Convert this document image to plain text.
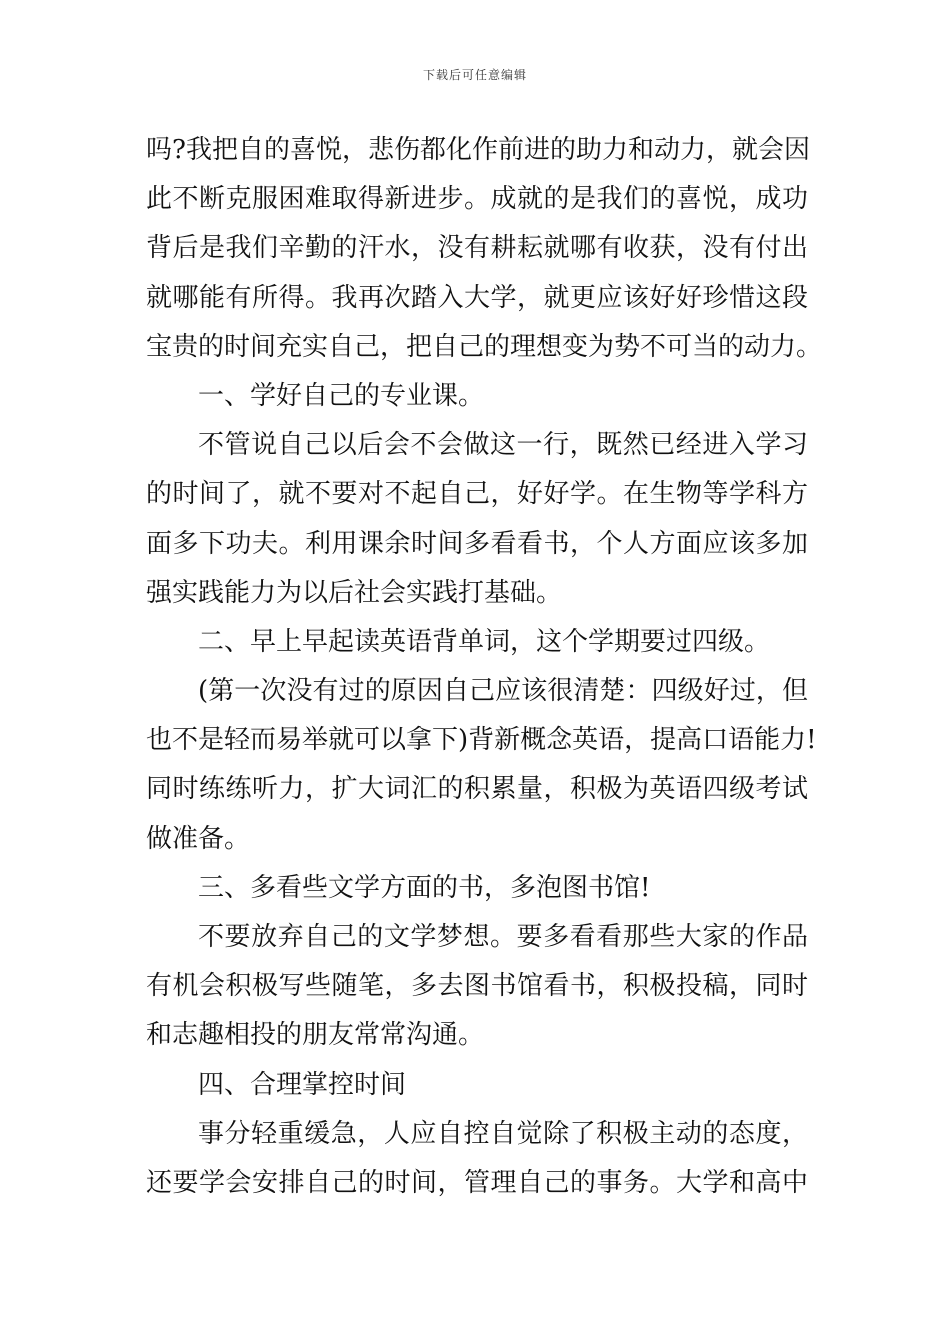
下载后可任意编辑
吗?我把自的喜悦，悲伤都化作前进的助力和动力，就会因
此不断克服困难取得新进步。成就的是我们的喜悦，成功
背后是我们辛勤的汗水，没有耕耘就哪有收获，没有付出
就哪能有所得。我再次踏入大学，就更应该好好珍惜这段
宝贵的时间充实自己，把自己的理想变为势不可当的动力。
一、学好自己的专业课。
不管说自己以后会不会做这一行，既然已经进入学习
的时间了，就不要对不起自己，好好学。在生物等学科方
面多下功夫。利用课余时间多看看书，个人方面应该多加
强实践能力为以后社会实践打基础。
二、早上早起读英语背单词，这个学期要过四级。
(第一次没有过的原因自己应该很清楚：四级好过，但
也不是轻而易举就可以拿下)背新概念英语，提高口语能力!
同时练练听力，扩大词汇的积累量，积极为英语四级考试
做准备。
三、多看些文学方面的书，多泡图书馆!
不要放弃自己的文学梦想。要多看看那些大家的作品
有机会积极写些随笔，多去图书馆看书，积极投稿，同时
和志趣相投的朋友常常沟通。
四、合理掌控时间
事分轻重缓急，人应自控自觉除了积极主动的态度，
还要学会安排自己的时间，管理自己的事务。大学和高中
